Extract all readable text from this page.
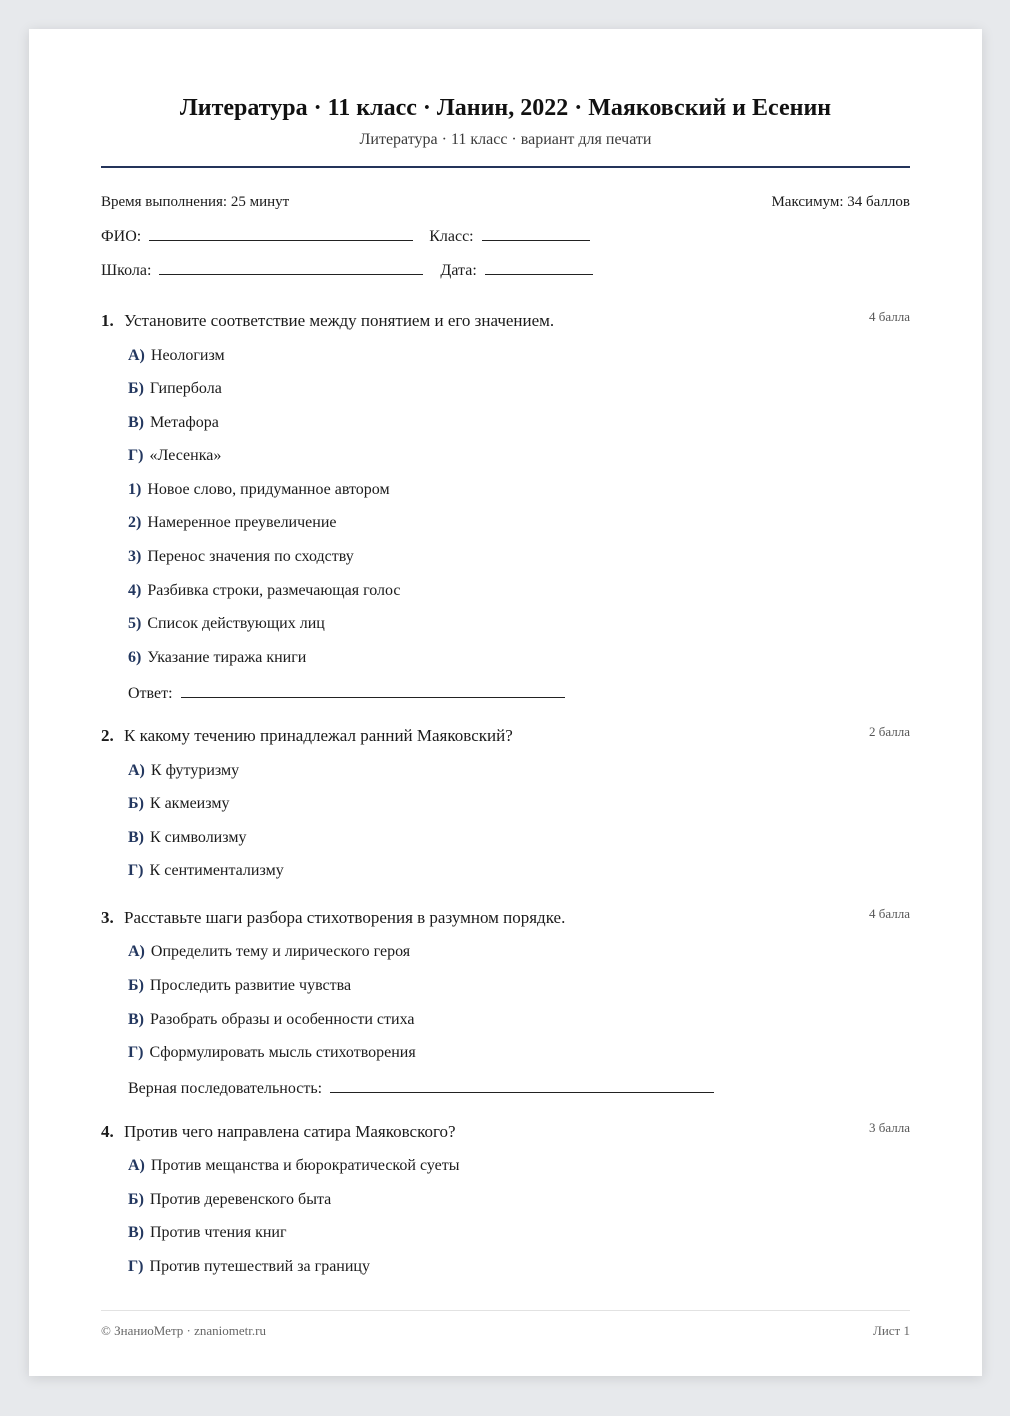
Литература · 11 класс · Ланин, 2022 · Маяковский и Есенин
Литература · 11 класс · вариант для печати
Время выполнения: 25 минут	Максимум: 34 баллов
ФИО:	Класс:
Школа:	Дата:
1. Установите соответствие между понятием и его значением.	4 балла
А) Неологизм
Б) Гипербола
В) Метафора
Г) «Лесенка»
1) Новое слово, придуманное автором
2) Намеренное преувеличение
3) Перенос значения по сходству
4) Разбивка строки, размечающая голос
5) Список действующих лиц
6) Указание тиража книги
Ответ:
2. К какому течению принадлежал ранний Маяковский?	2 балла
А) К футуризму
Б) К акмеизму
В) К символизму
Г) К сентиментализму
3. Расставьте шаги разбора стихотворения в разумном порядке.	4 балла
А) Определить тему и лирического героя
Б) Проследить развитие чувства
В) Разобрать образы и особенности стиха
Г) Сформулировать мысль стихотворения
Верная последовательность:
4. Против чего направлена сатира Маяковского?	3 балла
А) Против мещанства и бюрократической суеты
Б) Против деревенского быта
В) Против чтения книг
Г) Против путешествий за границу
© ЗнаниоМетр · znaniometr.ru	Лист 1
